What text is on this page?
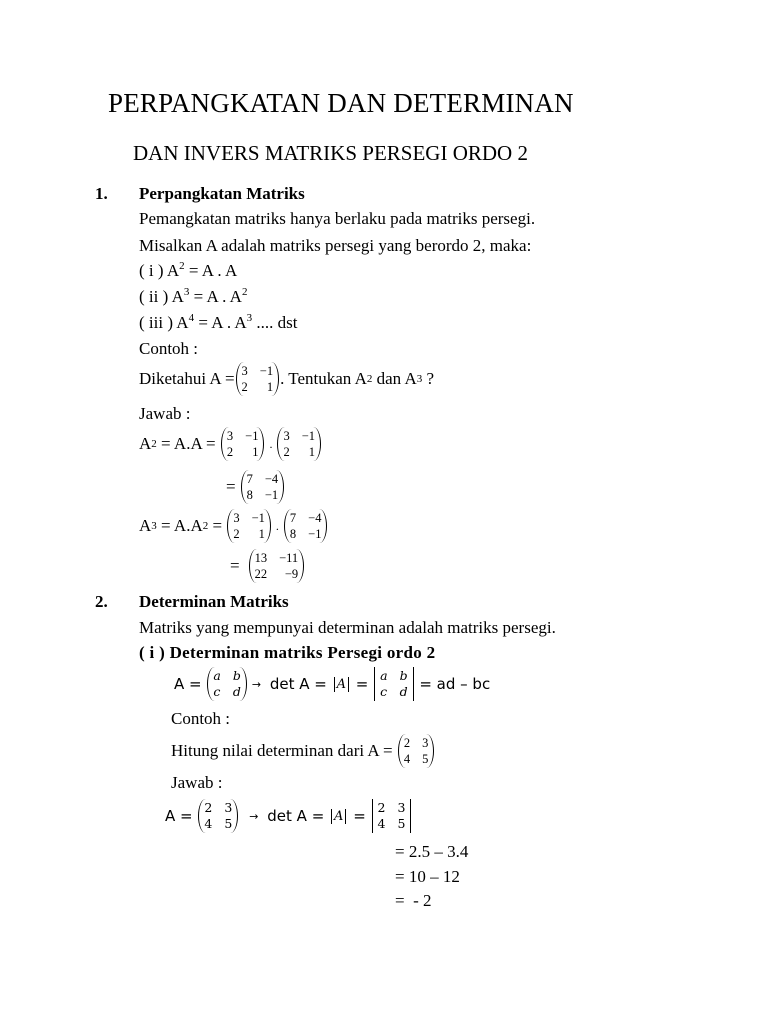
PERPANGKATAN DAN DETERMINAN
DAN INVERS MATRIKS PERSEGI ORDO 2
1. Perpangkatan Matriks
Pemangkatan matriks hanya berlaku pada matriks persegi.
Misalkan A adalah matriks persegi yang berordo 2, maka:
( i ) $A^2 = A$ . A
( ii ) $A^3 = A$ . $A^2$
( iii ) $A^4 = A$ . $A^3$ .... dst
Contoh :
Diketahui A = 3 −1
2	1 . Tentukan A 2 dan A 3 ?
Jawab :
A 2 = A.A = 3 −1
2	1
.
3 −1
2	1
= 7 −4
8 −1
A 3 = A.A 2 = 3 −1
2	1
.
7 −4
8 −1
= 13 −11
22	−9
2. Determinan Matriks
Matriks yang mempunyai determinan adalah matriks persegi.
( i ) Determinan matriks Persegi ordo 2
A = a b
c d → det A = A = a b
c d = ad – bc
Contoh :
Hitung nilai determinan dari A = 2 3
4 5
Jawab :
A = 2 3
4 5 → det A = A = 2 3
4 5
= 2.5 – 3.4
= 10 – 12
=  - 2
